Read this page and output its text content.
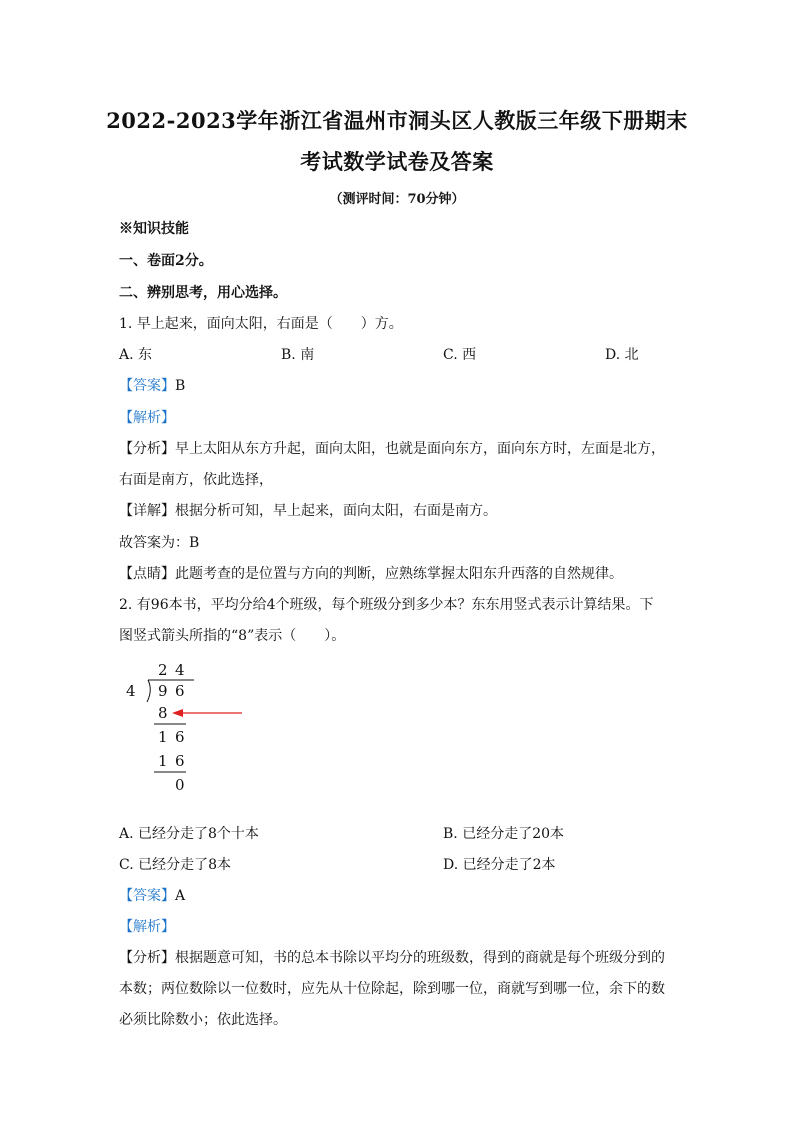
2022-2023学年浙江省温州市洞头区人教版三年级下册期末
考试数学试卷及答案
（测评时间：70分钟）
※知识技能
一、卷面2分。
二、辨别思考，用心选择。
1. 早上起来，面向太阳，右面是（　　）方。
A. 东	B. 南	C. 西	D. 北
【答案】B
【解析】
【分析】早上太阳从东方升起，面向太阳，也就是面向东方，面向东方时，左面是北方，
右面是南方，依此选择，
【详解】根据分析可知，早上起来，面向太阳，右面是南方。
故答案为：B
【点睛】此题考查的是位置与方向的判断，应熟练掌握太阳东升西落的自然规律。
2. 有96本书，平均分给4个班级，每个班级分到多少本？东东用竖式表示计算结果。下
图竖式箭头所指的“8”表示（　　）。
2 4
4 9 6
8
1 6
1 6
0
A. 已经分走了8个十本	B. 已经分走了20本
C. 已经分走了8本	D. 已经分走了2本
【答案】A
【解析】
【分析】根据题意可知，书的总本书除以平均分的班级数，得到的商就是每个班级分到的
本数；两位数除以一位数时，应先从十位除起，除到哪一位，商就写到哪一位，余下的数
必须比除数小；依此选择。
